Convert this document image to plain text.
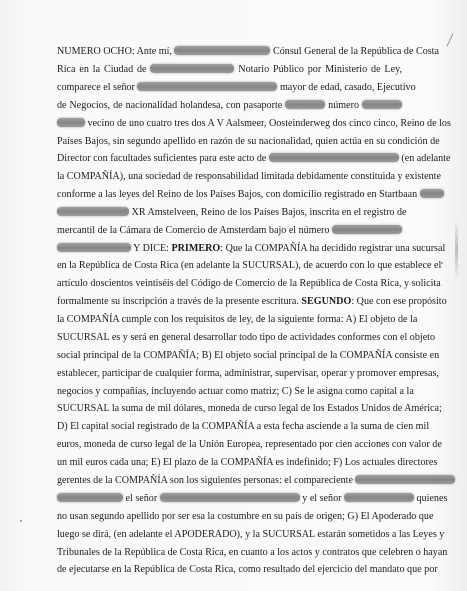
NUMERO OCHO: Ante mí,	Cónsul General de la República de Costa
Rica en la Ciudad de	Notario Público por Ministerio de Ley,
comparece el señor	mayor de edad, casado, Ejecutivo
de Negocios, de nacionalidad holandesa, con pasaporte	número
vecino de uno cuatro tres dos A V Aalsmeer, Oosteinderweg dos cinco cinco, Reino de los
Países Bajos, sin segundo apellido en razón de su nacionalidad, quien actúa en su condición de
Director con facultades suficientes para este acto de	(en adelante
la COMPAÑÍA), una sociedad de responsabilidad limitada debidamente constituida y existente
conforme a las leyes del Reino de los Países Bajos, con domicilio registrado en Startbaan
XR Amstelveen, Reino de los Países Bajos, inscrita en el registro de
mercantil de la Cámara de Comercio de Amsterdam bajo el número
Y DICE: PRIMERO: Que la COMPAÑÍA ha decidido registrar una sucursal
en la República de Costa Rica (en adelante la SUCURSAL), de acuerdo con lo que establece el
artículo doscientos veintiséis del Código de Comercio de la República de Costa Rica, y solicita
formalmente su inscripción a través de la presente escritura. SEGUNDO: Que con ese propósito
la COMPAÑÍA cumple con los requisitos de ley, de la siguiente forma: A) El objeto de la
SUCURSAL es y será en general desarrollar todo tipo de actividades conformes con el objeto
social principal de la COMPAÑÍA; B) El objeto social principal de la COMPAÑÍA consiste en
establecer, participar de cualquier forma, administrar, supervisar, operar y promover empresas,
negocios y compañías, incluyendo actuar como matriz; C) Se le asigna como capital a la
SUCURSAL la suma de mil dólares, moneda de curso legal de los Estados Unidos de América;
D) El capital social registrado de la COMPAÑÍA a esta fecha asciende a la suma de cien mil
euros, moneda de curso legal de la Unión Europea, representado por cien acciones con valor de
un mil euros cada una; E) El plazo de la COMPAÑÍA es indefinido; F) Los actuales directores
gerentes de la COMPAÑÍA son los siguientes personas: el compareciente
el señor	y el señor	quienes
no usan segundo apellido por ser esa la costumbre en su país de origen; G) El Apoderado que
luego se dirá, (en adelante el APODERADO), y la SUCURSAL estarán sometidos a las Leyes y
Tribunales de la República de Costa Rica, en cuanto a los actos y contratos que celebren o hayan
de ejecutarse en la República de Costa Rica, como resultado del ejercicio del mandato que por
